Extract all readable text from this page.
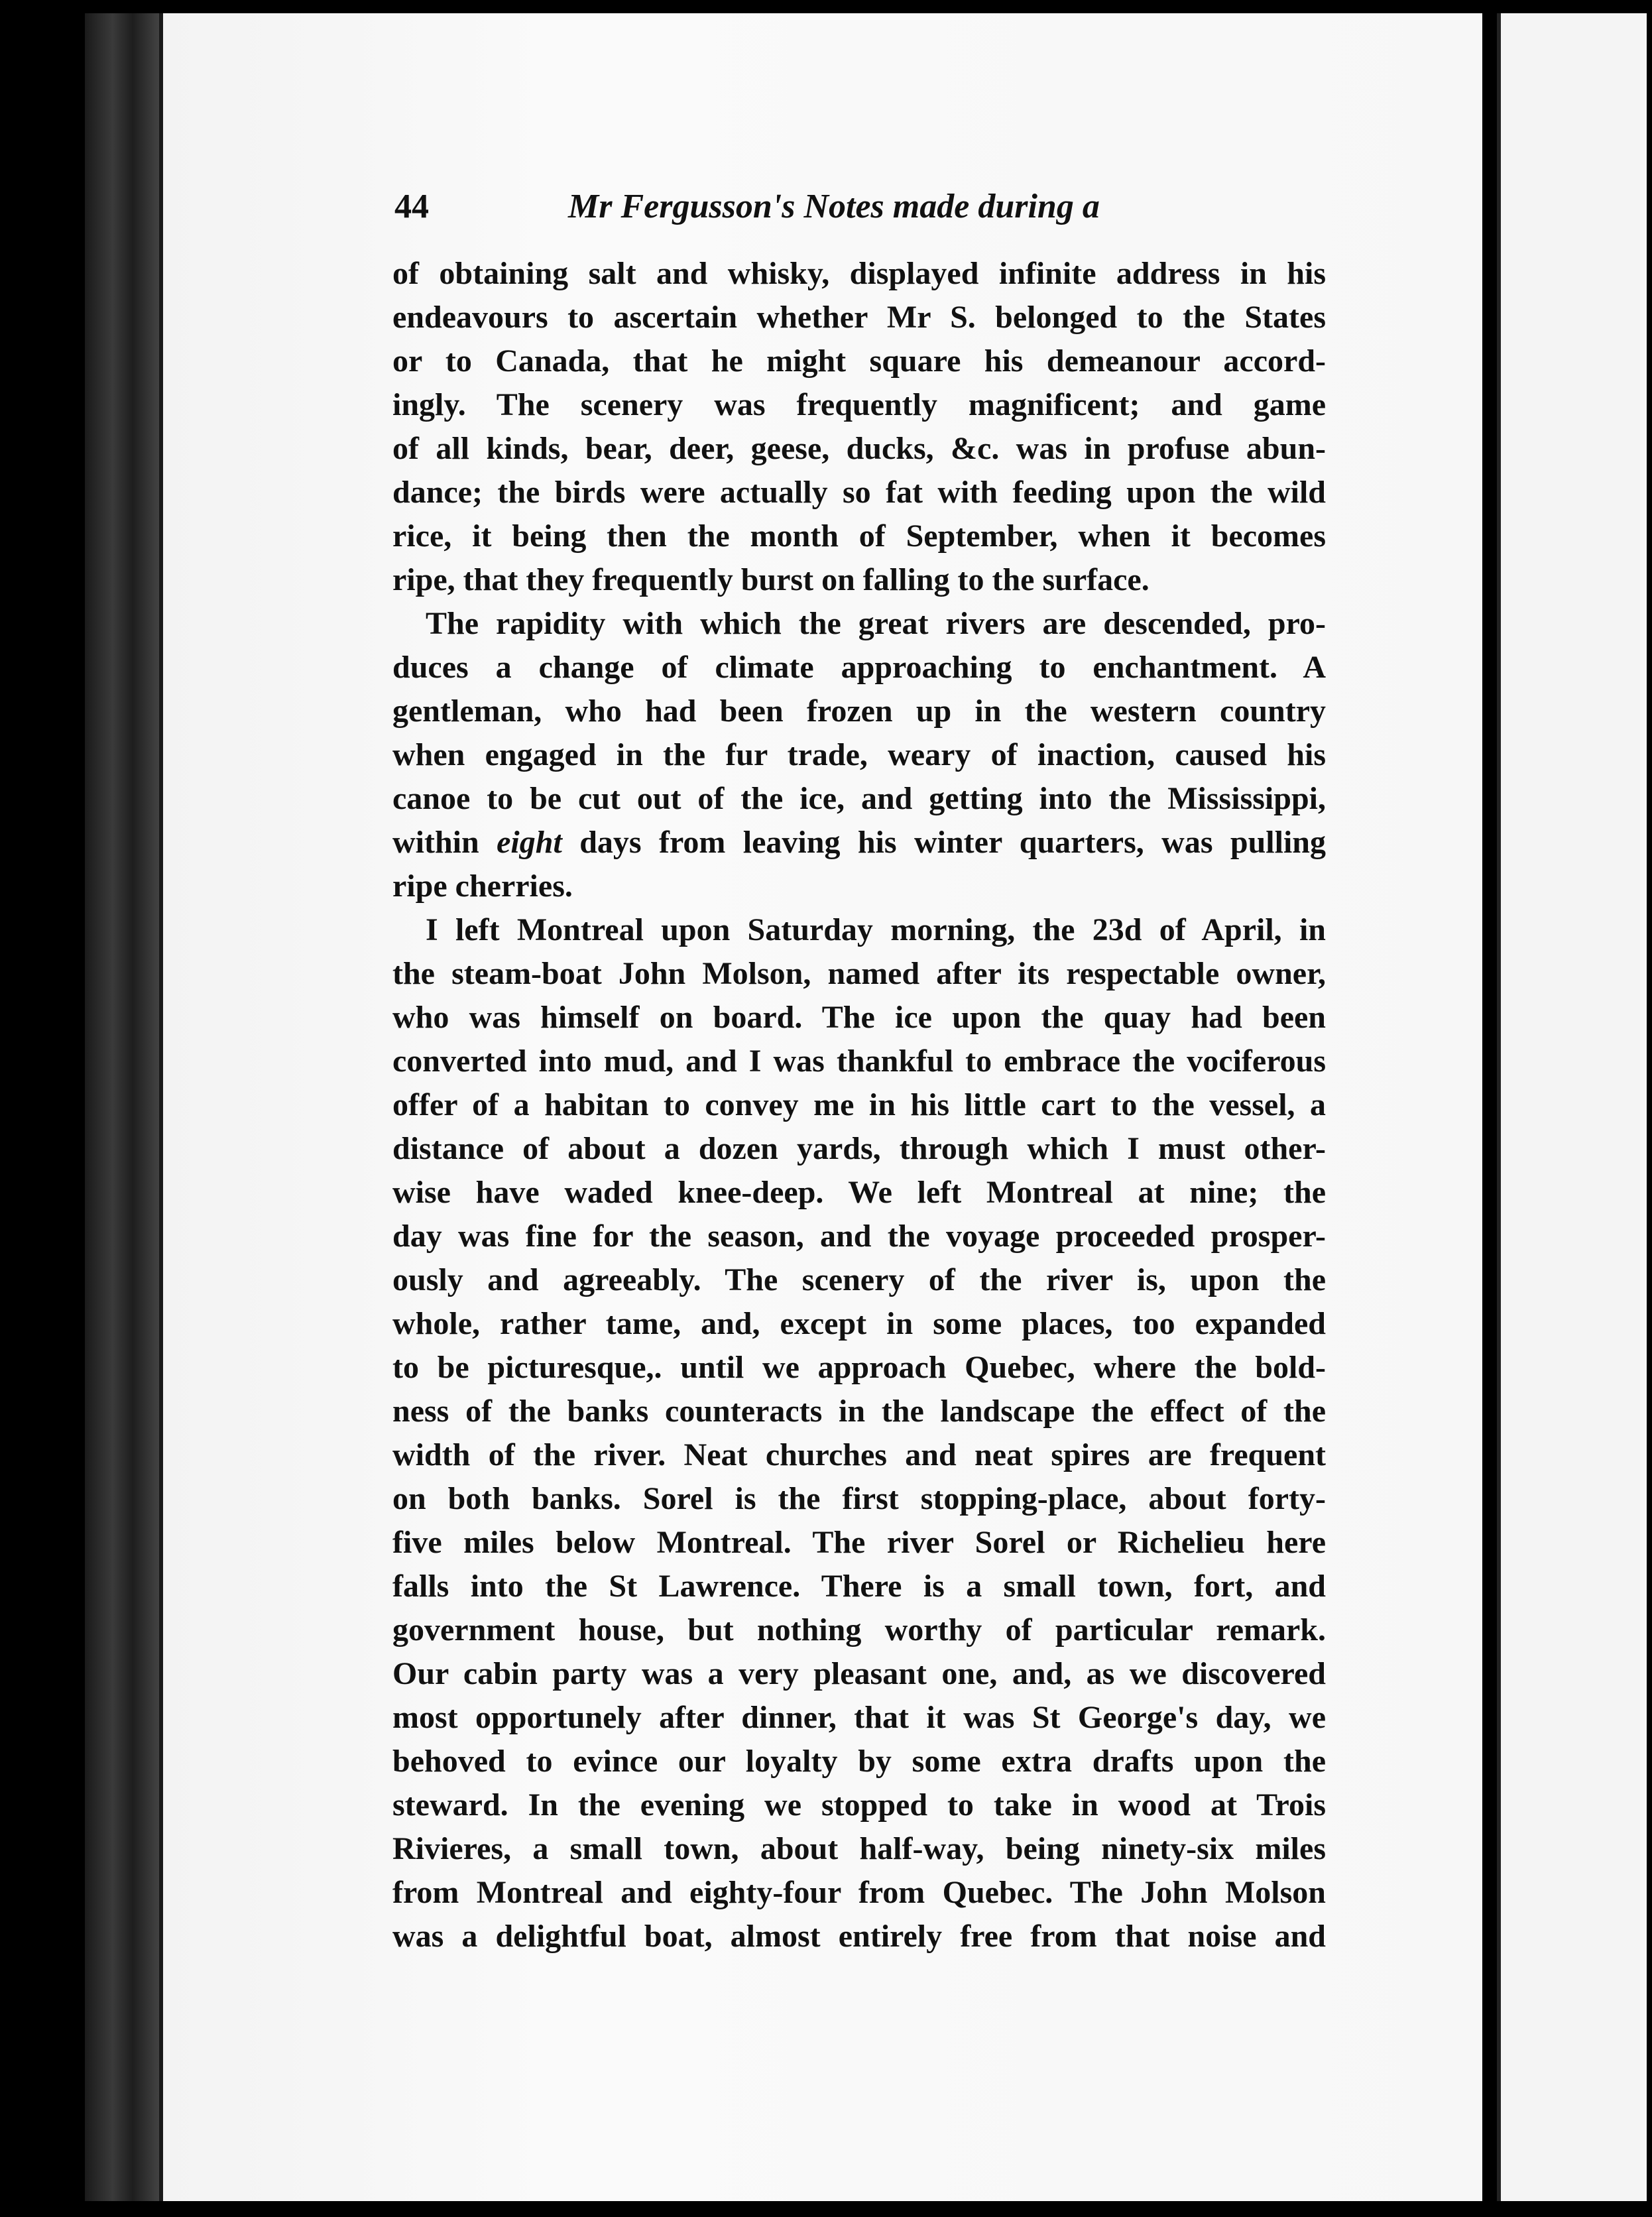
44	Mr Fergusson's Notes made during a
of obtaining salt and whisky, displayed infinite address in his
endeavours to ascertain whether Mr S. belonged to the States
or to Canada, that he might square his demeanour accord-
ingly. The scenery was frequently magnificent; and game
of all kinds, bear, deer, geese, ducks, &c. was in profuse abun-
dance; the birds were actually so fat with feeding upon the wild
rice, it being then the month of September, when it becomes
ripe, that they frequently burst on falling to the surface.
The rapidity with which the great rivers are descended, pro-
duces a change of climate approaching to enchantment. A
gentleman, who had been frozen up in the western country
when engaged in the fur trade, weary of inaction, caused his
canoe to be cut out of the ice, and getting into the Mississippi,
within eight days from leaving his winter quarters, was pulling
ripe cherries.
I left Montreal upon Saturday morning, the 23d of April, in
the steam-boat John Molson, named after its respectable owner,
who was himself on board. The ice upon the quay had been
converted into mud, and I was thankful to embrace the vociferous
offer of a habitan to convey me in his little cart to the vessel, a
distance of about a dozen yards, through which I must other-
wise have waded knee-deep. We left Montreal at nine; the
day was fine for the season, and the voyage proceeded prosper-
ously and agreeably. The scenery of the river is, upon the
whole, rather tame, and, except in some places, too expanded
to be picturesque,. until we approach Quebec, where the bold-
ness of the banks counteracts in the landscape the effect of the
width of the river. Neat churches and neat spires are frequent
on both banks. Sorel is the first stopping-place, about forty-
five miles below Montreal. The river Sorel or Richelieu here
falls into the St Lawrence. There is a small town, fort, and
government house, but nothing worthy of particular remark.
Our cabin party was a very pleasant one, and, as we discovered
most opportunely after dinner, that it was St George's day, we
behoved to evince our loyalty by some extra drafts upon the
steward. In the evening we stopped to take in wood at Trois
Rivieres, a small town, about half-way, being ninety-six miles
from Montreal and eighty-four from Quebec. The John Molson
was a delightful boat, almost entirely free from that noise and
